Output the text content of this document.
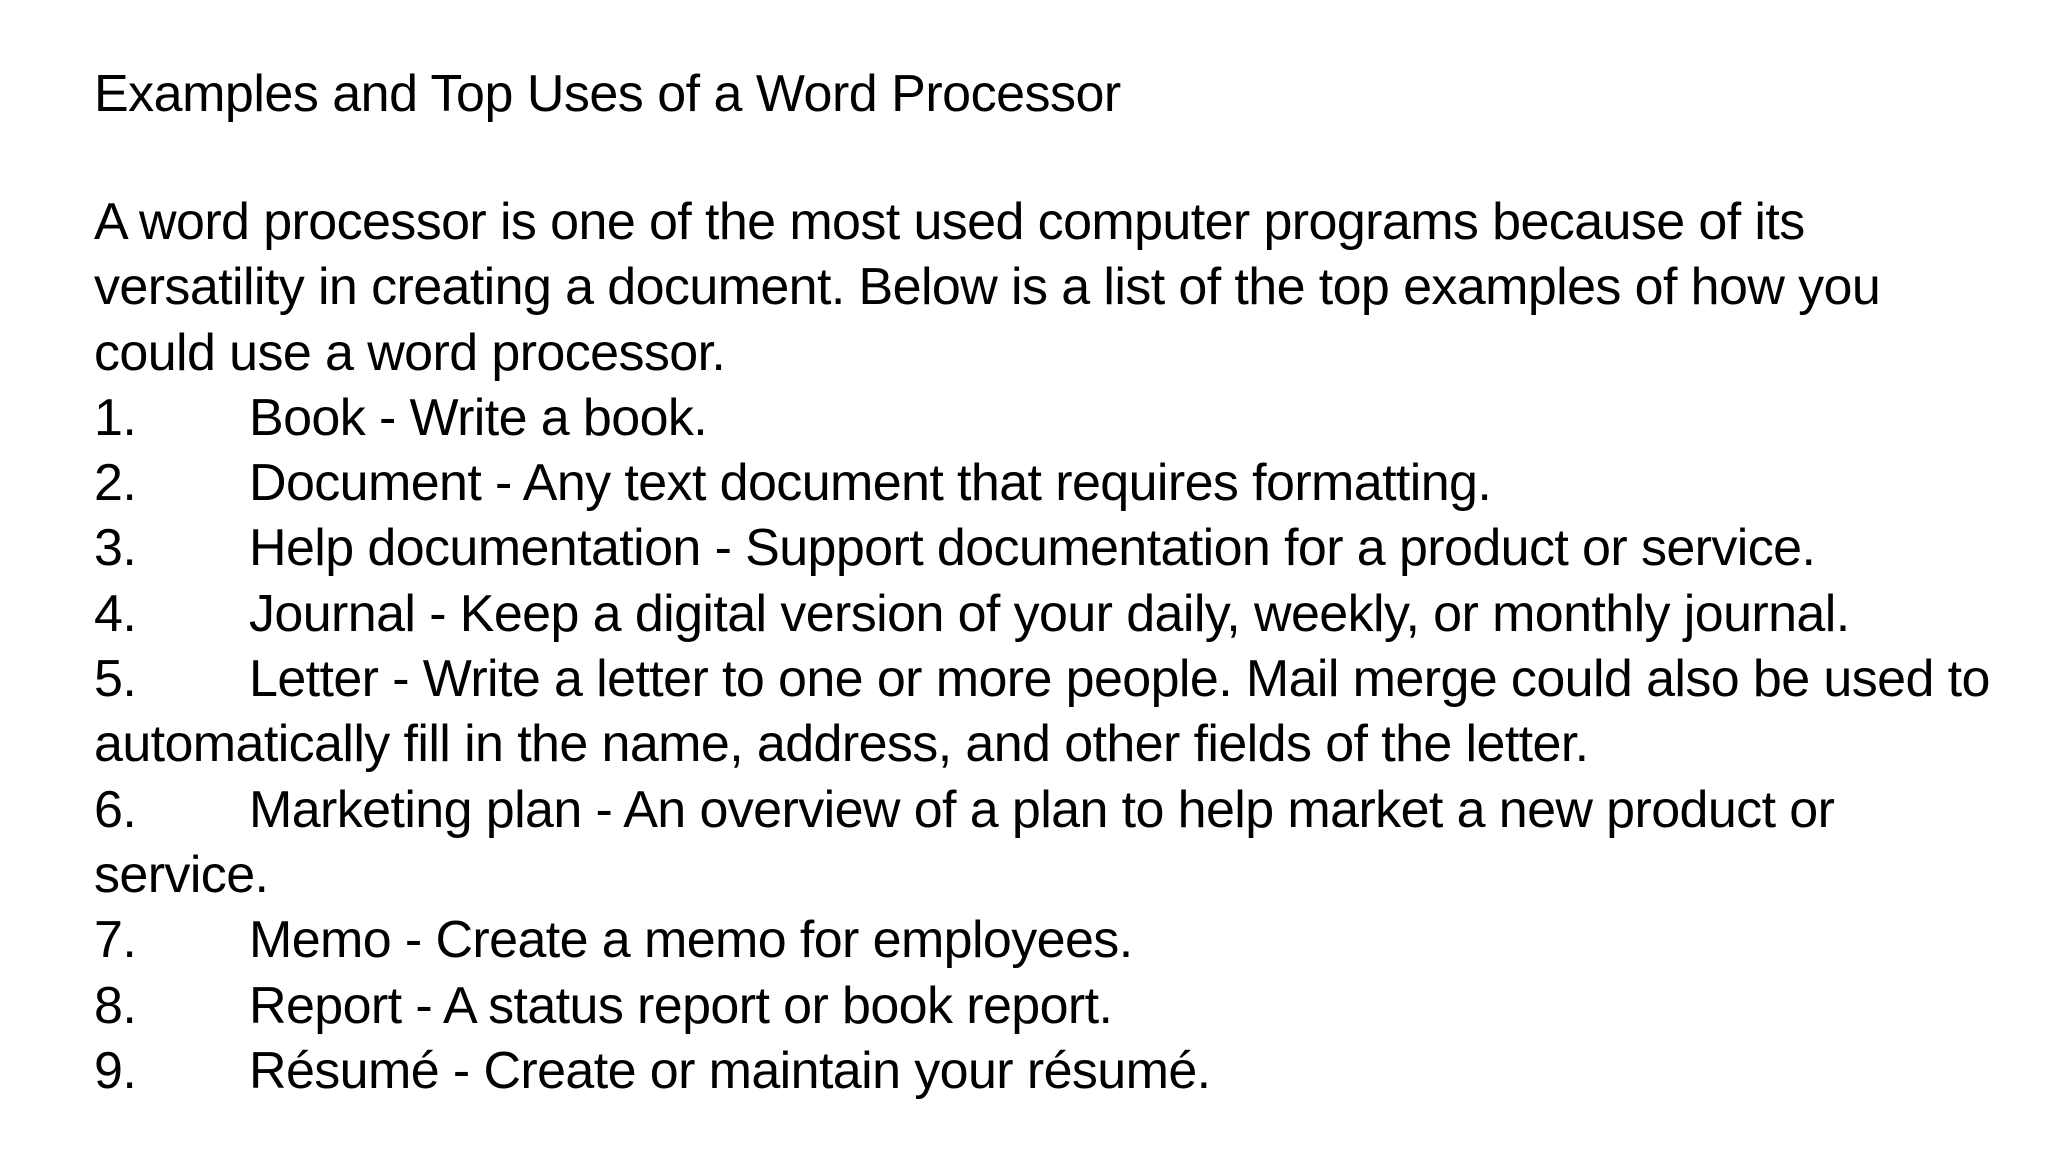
Examples and Top Uses of a Word Processor

A word processor is one of the most used computer programs because of its versatility in creating a document. Below is a list of the top examples of how you could use a word processor.

1. Book - Write a book.
2. Document - Any text document that requires formatting.
3. Help documentation - Support documentation for a product or service.
4. Journal - Keep a digital version of your daily, weekly, or monthly journal.
5. Letter - Write a letter to one or more people. Mail merge could also be used to automatically fill in the name, address, and other fields of the letter.
6. Marketing plan - An overview of a plan to help market a new product or service.
7. Memo - Create a memo for employees.
8. Report - A status report or book report.
9. Résumé - Create or maintain your résumé.
